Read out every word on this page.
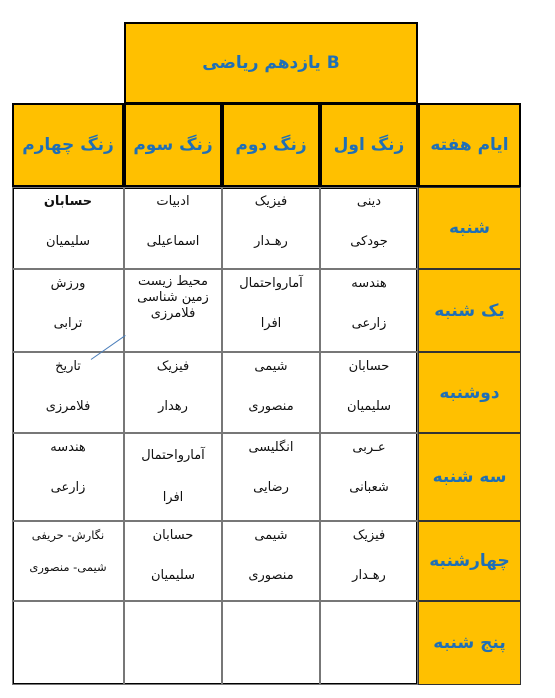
یازدهم ریاضی B
ایام هفته
زنگ اول
زنگ دوم
زنگ سوم
زنگ چهارم
شنبه
یک شنبه
دوشنبه
سه شنبه
چهارشنبه
پنج شنبه
دینی
جودکی
فیزیک
رهـدار
ادبیات
اسماعیلی
حسابان
سلیمیان
هندسه
زارعی
آمارواحتمال
افرا
محیط زیست
زمین شناسی
فلامرزی
ورزش
ترابی
حسابان
سلیمیان
شیمی
منصوری
فیزیک
رهدار
تاریخ
فلامرزی
عـربی
شعبانی
انگلیسی
رضایی
آمارواحتمال
افرا
هندسه
زارعی
فیزیک
رهـدار
شیمی
منصوری
حسابان
سلیمیان
نگارش- حریفی
شیمی- منصوری
